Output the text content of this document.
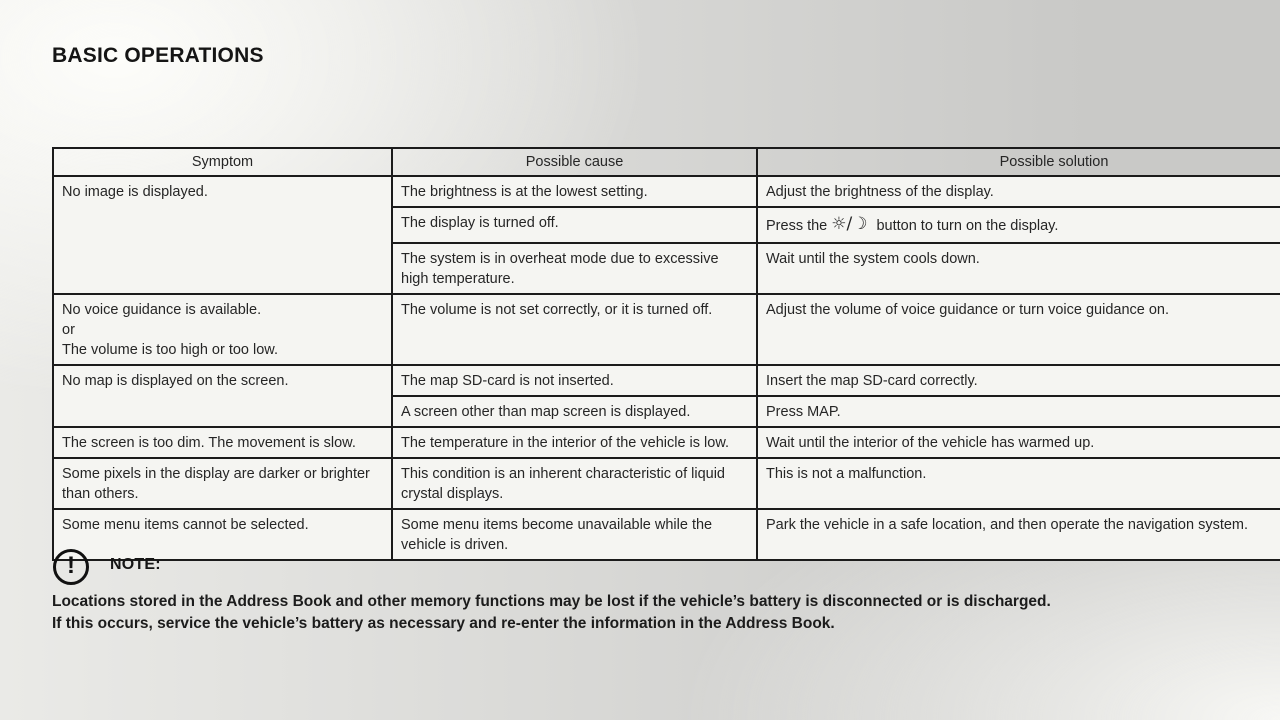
BASIC OPERATIONS
Symptom	Possible cause	Possible solution
No image is displayed.	The brightness is at the lowest setting.	Adjust the brightness of the display.
	The display is turned off.	Press the ☼/☽ button to turn on the display.
	The system is in overheat mode due to excessive high temperature.	Wait until the system cools down.

No voice guidance is available.
or
The volume is too high or too low.	The volume is not set correctly, or it is turned off.	Adjust the volume of voice guidance or turn voice guidance on.
No map is displayed on the screen.	The map SD-card is not inserted.	Insert the map SD-card correctly.
	A screen other than map screen is displayed.	Press MAP.
The screen is too dim. The movement is slow.	The temperature in the interior of the vehicle is low.	Wait until the interior of the vehicle has warmed up.
Some pixels in the display are darker or brighter than others.	This condition is an inherent characteristic of liquid crystal displays.	This is not a malfunction.
Some menu items cannot be selected.	Some menu items become unavailable while the vehicle is driven.	Park the vehicle in a safe location, and then operate the navigation system.
! NOTE:
Locations stored in the Address Book and other memory functions may be lost if the vehicle’s battery is disconnected or is discharged.
If this occurs, service the vehicle’s battery as necessary and re-enter the information in the Address Book.
